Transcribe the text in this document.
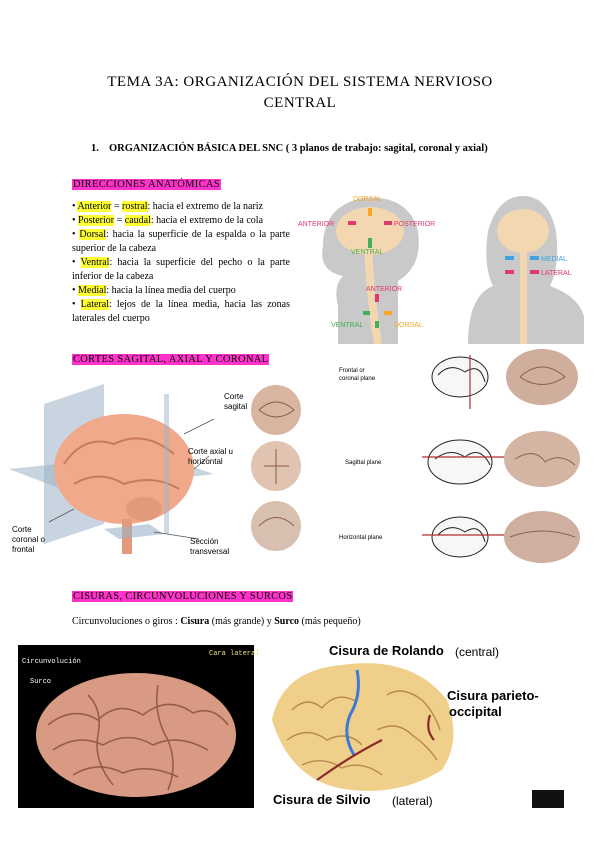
TEMA 3A: ORGANIZACIÓN DEL SISTEMA NERVIOSO
CENTRAL
1. ORGANIZACIÓN BÁSICA DEL SNC ( 3 planos de trabajo: sagital, coronal y axial)
DIRECCIONES ANATÓMICAS
• Anterior = rostral: hacia el extremo de la nariz
• Posterior = caudal: hacia el extremo de la cola
• Dorsal: hacia la superficie de la espalda o la parte superior de la cabeza
• Ventral: hacia la superficie del pecho o la parte inferior de la cabeza
• Medial: hacia la línea media del cuerpo
• Lateral: lejos de la línea media, hacia las zonas laterales del cuerpo
DORSAL
ANTERIOR	POSTERIOR
VENTRAL
ANTERIOR
VENTRAL	DORSAL
MEDIAL
LATERAL
CORTES SAGITAL, AXIAL Y CORONAL
Corte
sagital
Corte axial u
horizontal
Corte
coronal o
frontal
Sección
transversal
Frontal or
coronal plane
Sagittal plane
Horizontal plane
CISURAS, CIRCUNVOLUCIONES Y SURCOS
Circunvoluciones o giros : Cisura (más grande) y Surco (más pequeño)
Circunvolución
Surco
Cara lateral	Cisura de Rolando (central)
Cisura parieto-
occipital
Cisura de Silvio (lateral)
